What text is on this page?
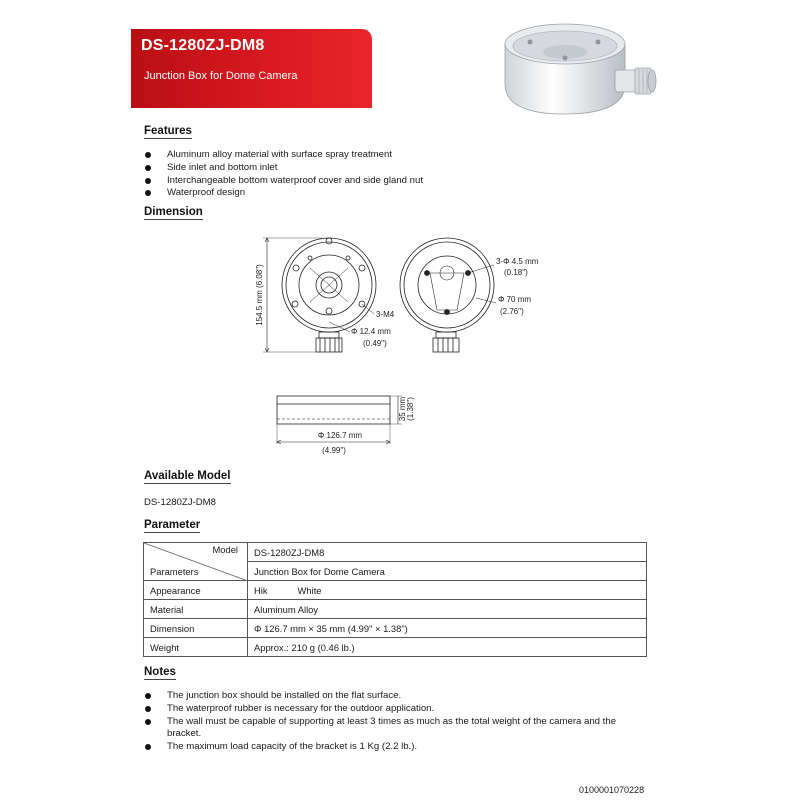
DS-1280ZJ-DM8
Junction Box for Dome Camera
Features
Aluminum alloy material with surface spray treatment
Side inlet and bottom inlet
Interchangeable bottom waterproof cover and side gland nut
Waterproof design
Dimension
154.5 mm (6.08")	3-M4
Φ 12.4 mm
(0.49")
3-Φ 4.5 mm
(0.18")
Φ 70 mm
(2.76")
35 mm (1.38")
Φ 126.7 mm
(4.99")
Available Model
DS-1280ZJ-DM8
Parameter
Model
Parameters	DS-1280ZJ-DM8
	Junction Box for Dome Camera
Appearance	Hik White
Material	Aluminum Alloy
Dimension	Φ 126.7 mm × 35 mm (4.99" × 1.38")
Weight	Approx.: 210 g (0.46 lb.)
Notes
The junction box should be installed on the flat surface.
The waterproof rubber is necessary for the outdoor application.
The wall must be capable of supporting at least 3 times as much as the total weight of the camera and the bracket.
The maximum load capacity of the bracket is 1 Kg (2.2 lb.).
0100001070228
